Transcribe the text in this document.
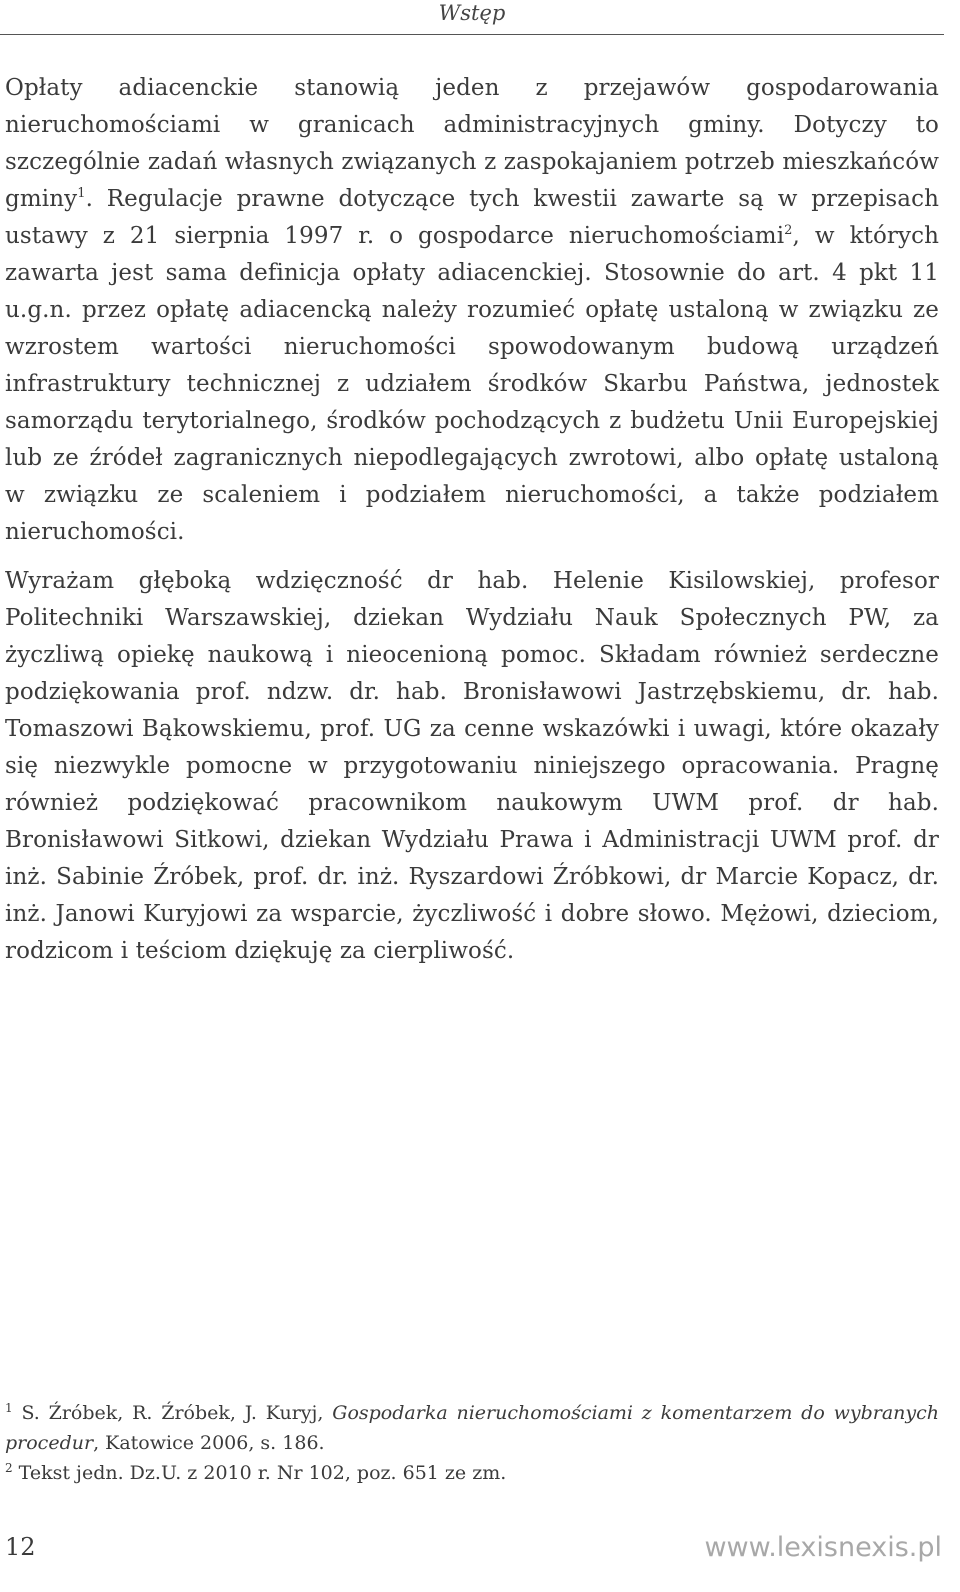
Wstęp

Opłaty adiacenckie stanowią jeden z przejawów gospodarowania nieruchomościami w granicach administracyjnych gminy. Dotyczy to szczególnie zadań własnych związanych z zaspokajaniem potrzeb mieszkańców gminy$^1$. Regulacje prawne dotyczące tych kwestii zawarte są w przepisach ustawy z 21 sierpnia 1997 r. o gospodarce nieruchomościami$^2$, w których zawarta jest sama definicja opłaty adiacenckiej. Stosownie do art. 4 pkt 11 u.g.n. przez opłatę adiacencką należy rozumieć opłatę ustaloną w związku ze wzrostem wartości nieruchomości spowodowanym budową urządzeń infrastruktury technicznej z udziałem środków Skarbu Państwa, jednostek samorządu terytorialnego, środków pochodzących z budżetu Unii Europejskiej lub ze źródeł zagranicznych niepodlegających zwrotowi, albo opłatę ustaloną w związku ze scaleniem i podziałem nieruchomości, a także podziałem nieruchomości.

Wyrażam głęboką wdzięczność dr hab. Helenie Kisilowskiej, profesor Politechniki Warszawskiej, dziekan Wydziału Nauk Społecznych PW, za życzliwą opiekę naukową i nieocenioną pomoc. Składam również serdeczne podziękowania prof. ndzw. dr. hab. Bronisławowi Jastrzębskiemu, dr. hab. Tomaszowi Bąkowskiemu, prof. UG za cenne wskazówki i uwagi, które okazały się niezwykle pomocne w przygotowaniu niniejszego opracowania. Pragnę również podziękować pracownikom naukowym UWM prof. dr hab. Bronisławowi Sitkowi, dziekan Wydziału Prawa i Administracji UWM prof. dr inż. Sabinie Źróbek, prof. dr. inż. Ryszardowi Źróbkowi, dr Marcie Kopacz, dr. inż. Janowi Kuryjowi za wsparcie, życzliwość i dobre słowo. Mężowi, dzieciom, rodzicom i teściom dziękuję za cierpliwość.

$^1$ S. Źróbek, R. Źróbek, J. Kuryj, Gospodarka nieruchomościami z komentarzem do wybranych procedur, Katowice 2006, s. 186.

$^2$ Tekst jedn. Dz.U. z 2010 r. Nr 102, poz. 651 ze zm.

12	www.lexisnexis.pl
